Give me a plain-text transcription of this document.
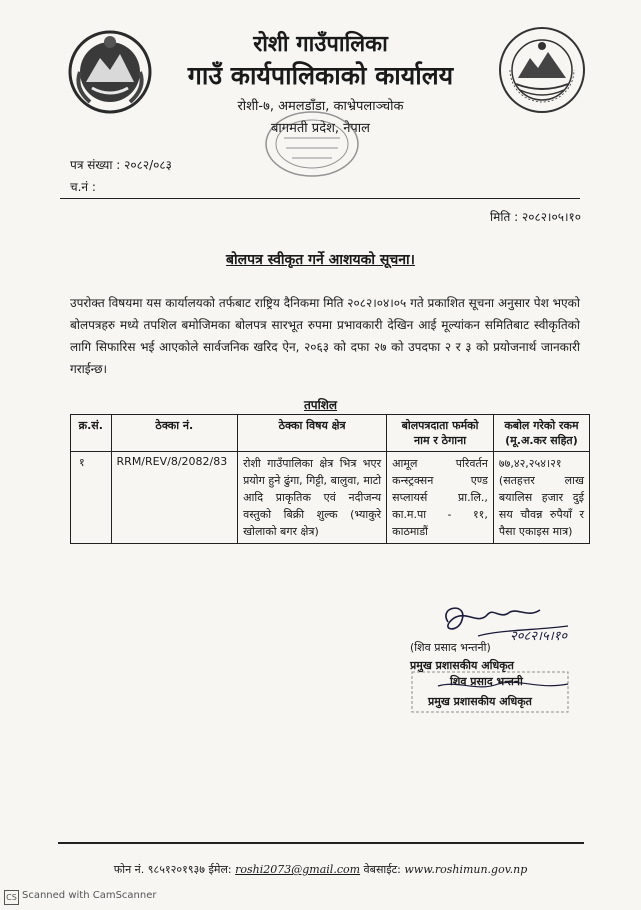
रोशी गाउँपालिका
गाउँ कार्यपालिकाको कार्यालय
रोशी-७, अमलडाँडा, काभ्रेपलाञ्चोक
बागमती प्रदेश, नेपाल
पत्र संख्या : २०८२/०८३
च.नं :
मिति : २०८२।०५।१०
बोलपत्र स्वीकृत गर्ने आशयको सूचना।
उपरोक्त विषयमा यस कार्यालयको तर्फबाट राष्ट्रिय दैनिकमा मिति २०८२।०४।०५ गते प्रकाशित सूचना अनुसार पेश भएको बोलपत्रहरु मध्ये तपशिल बमोजिमका बोलपत्र सारभूत रुपमा प्रभावकारी देखिन आई मूल्यांकन समितिबाट स्वीकृतिको लागि सिफारिस भई आएकोले सार्वजनिक खरिद ऐन, २०६३ को दफा २७ को उपदफा २ र ३ को प्रयोजनार्थ जानकारी गराईन्छ।
तपशिल
क्र.सं.	ठेक्का नं.	ठेक्का विषय क्षेत्र	बोलपत्रदाता फर्मको नाम र ठेगाना	कबोल गरेको रकम (मू.अ.कर सहित)
१	RRM/REV/8/2082/83	रोशी गाउँपालिका क्षेत्र भित्र भएर प्रयोग हुने ढुंगा, गिट्टी, बालुवा, माटो आदि प्राकृतिक एवं नदीजन्य वस्तुको बिक्री शुल्क (भ्याकुरे खोलाको बगर क्षेत्र)	आमूल परिवर्तन कन्स्ट्रक्सन एण्ड सप्लायर्स प्रा.लि., का.म.पा - ११, काठमाडौं	७७,४२,२५४।२१ (सतहत्तर लाख बयालिस हजार दुई सय चौवन्न रुपैयाँ र पैसा एकाइस मात्र)
२०८२।५।१०
(शिव प्रसाद भन्तनी)
प्रमुख प्रशासकीय अधिकृत
शिव प्रसाद भन्तनी
प्रमुख प्रशासकीय अधिकृत
फोन नं. ९८५१२०१९३७ ईमेल: roshi2073@gmail.com वेबसाईट: www.roshimun.gov.np
CS Scanned with CamScanner
